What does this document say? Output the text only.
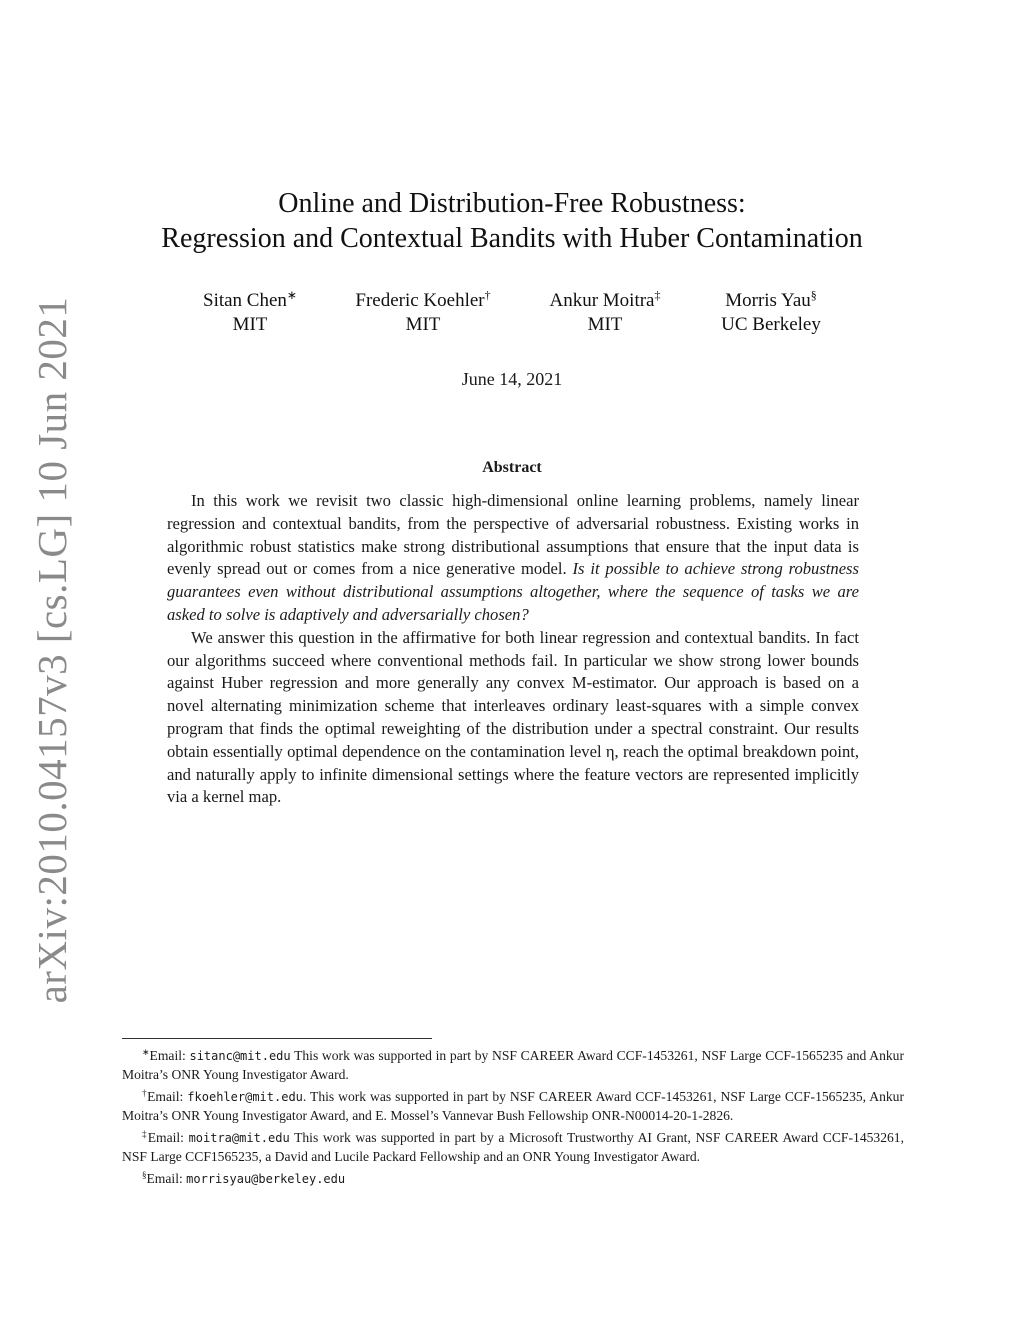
arXiv:2010.04157v3 [cs.LG] 10 Jun 2021
Online and Distribution-Free Robustness:
Regression and Contextual Bandits with Huber Contamination
Sitan Chen∗
MIT
Frederic Koehler†
MIT
Ankur Moitra‡
MIT
Morris Yau§
UC Berkeley
June 14, 2021
Abstract

In this work we revisit two classic high-dimensional online learning problems, namely linear regression and contextual bandits, from the perspective of adversarial robustness. Existing works in algorithmic robust statistics make strong distributional assumptions that ensure that the input data is evenly spread out or comes from a nice generative model. Is it possible to achieve strong robustness guarantees even without distributional assumptions altogether, where the sequence of tasks we are asked to solve is adaptively and adversarially chosen?

We answer this question in the affirmative for both linear regression and contextual bandits. In fact our algorithms succeed where conventional methods fail. In particular we show strong lower bounds against Huber regression and more generally any convex M-estimator. Our approach is based on a novel alternating minimization scheme that interleaves ordinary least-squares with a simple convex program that finds the optimal reweighting of the distribution under a spectral constraint. Our results obtain essentially optimal dependence on the contamination level η, reach the optimal breakdown point, and naturally apply to infinite dimensional settings where the feature vectors are represented implicitly via a kernel map.

∗Email: sitanc@mit.edu This work was supported in part by NSF CAREER Award CCF-1453261, NSF Large CCF-1565235 and Ankur Moitra’s ONR Young Investigator Award.

†Email: fkoehler@mit.edu. This work was supported in part by NSF CAREER Award CCF-1453261, NSF Large CCF-1565235, Ankur Moitra’s ONR Young Investigator Award, and E. Mossel’s Vannevar Bush Fellowship ONR-N00014-20-1-2826.

‡Email: moitra@mit.edu This work was supported in part by a Microsoft Trustworthy AI Grant, NSF CAREER Award CCF-1453261, NSF Large CCF1565235, a David and Lucile Packard Fellowship and an ONR Young Investigator Award.

§Email: morrisyau@berkeley.edu
